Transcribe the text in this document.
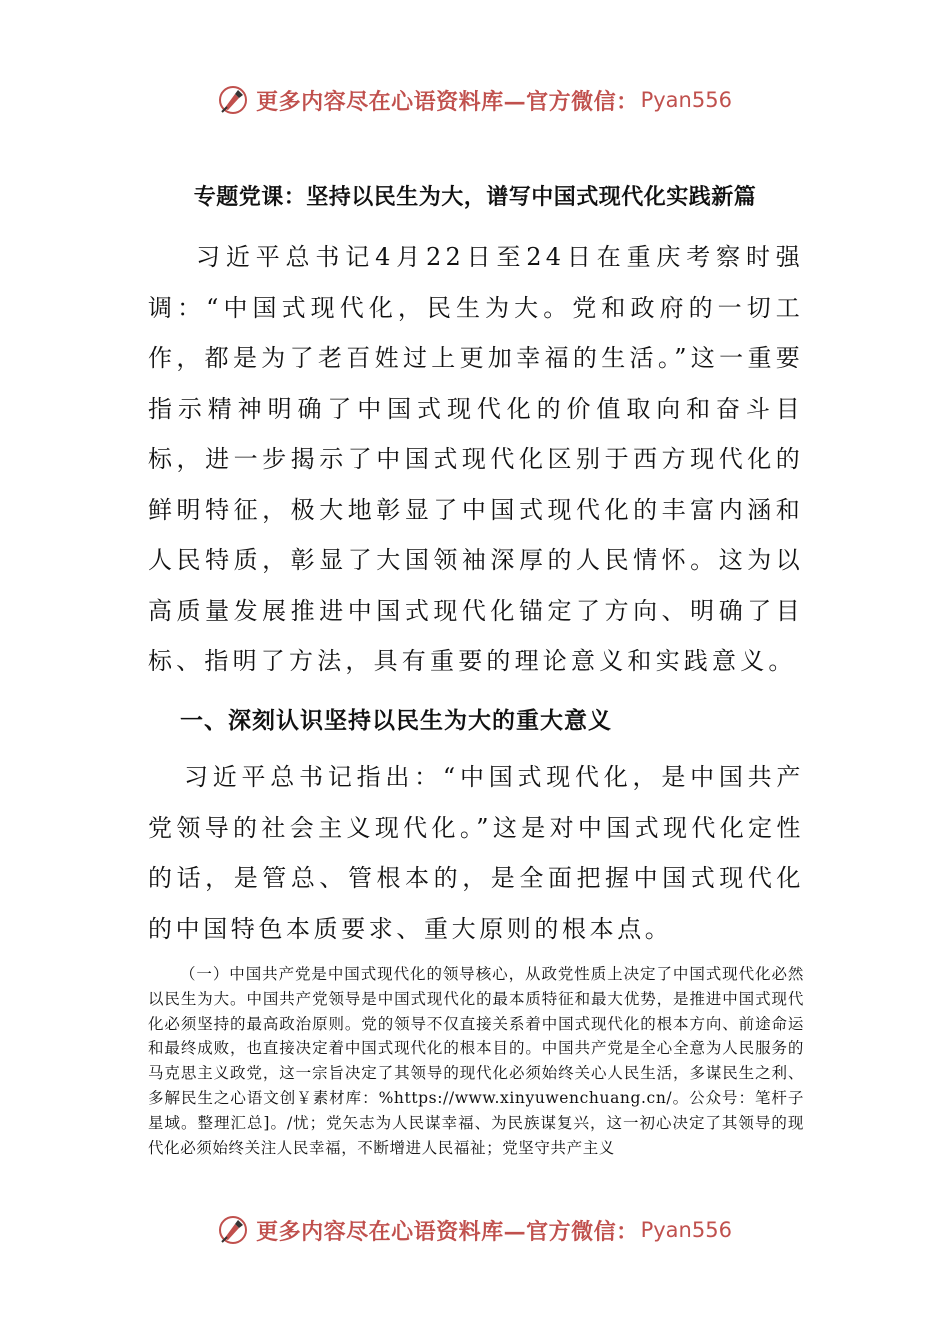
更多内容尽在心语资料库—官方微信： Pyan556
专题党课：坚持以民生为大，谱写中国式现代化实践新篇

习近平总书记4月22日至24日在重庆考察时强调：“中国式现代化，民生为大。党和政府的一切工作，都是为了老百姓过上更加幸福的生活。”这一重要指示精神明确了中国式现代化的价值取向和奋斗目标，进一步揭示了中国式现代化区别于西方现代化的鲜明特征，极大地彰显了中国式现代化的丰富内涵和人民特质，彰显了大国领袖深厚的人民情怀。这为以高质量发展推进中国式现代化锚定了方向、明确了目标、指明了方法，具有重要的理论意义和实践意义。

一、深刻认识坚持以民生为大的重大意义

习近平总书记指出：“中国式现代化，是中国共产党领导的社会主义现代化。”这是对中国式现代化定性的话，是管总、管根本的，是全面把握中国式现代化的中国特色本质要求、重大原则的根本点。

（一）中国共产党是中国式现代化的领导核心，从政党性质上决定了中国式现代化必然以民生为大。中国共产党领导是中国式现代化的最本质特征和最大优势，是推进中国式现代化必须坚持的最高政治原则。党的领导不仅直接关系着中国式现代化的根本方向、前途命运和最终成败，也直接决定着中国式现代化的根本目的。中国共产党是全心全意为人民服务的马克思主义政党，这一宗旨决定了其领导的现代化必须始终关心人民生活，多谋民生之利、多解民生之心语文创￥素材库：%https://www.xinyuwenchuang.cn/。公众号：笔杆子星域。整理汇总]。/忧；党矢志为人民谋幸福、为民族谋复兴，这一初心决定了其领导的现代化必须始终关注人民幸福，不断增进人民福祉；党坚守共产主义

更多内容尽在心语资料库—官方微信： Pyan556
